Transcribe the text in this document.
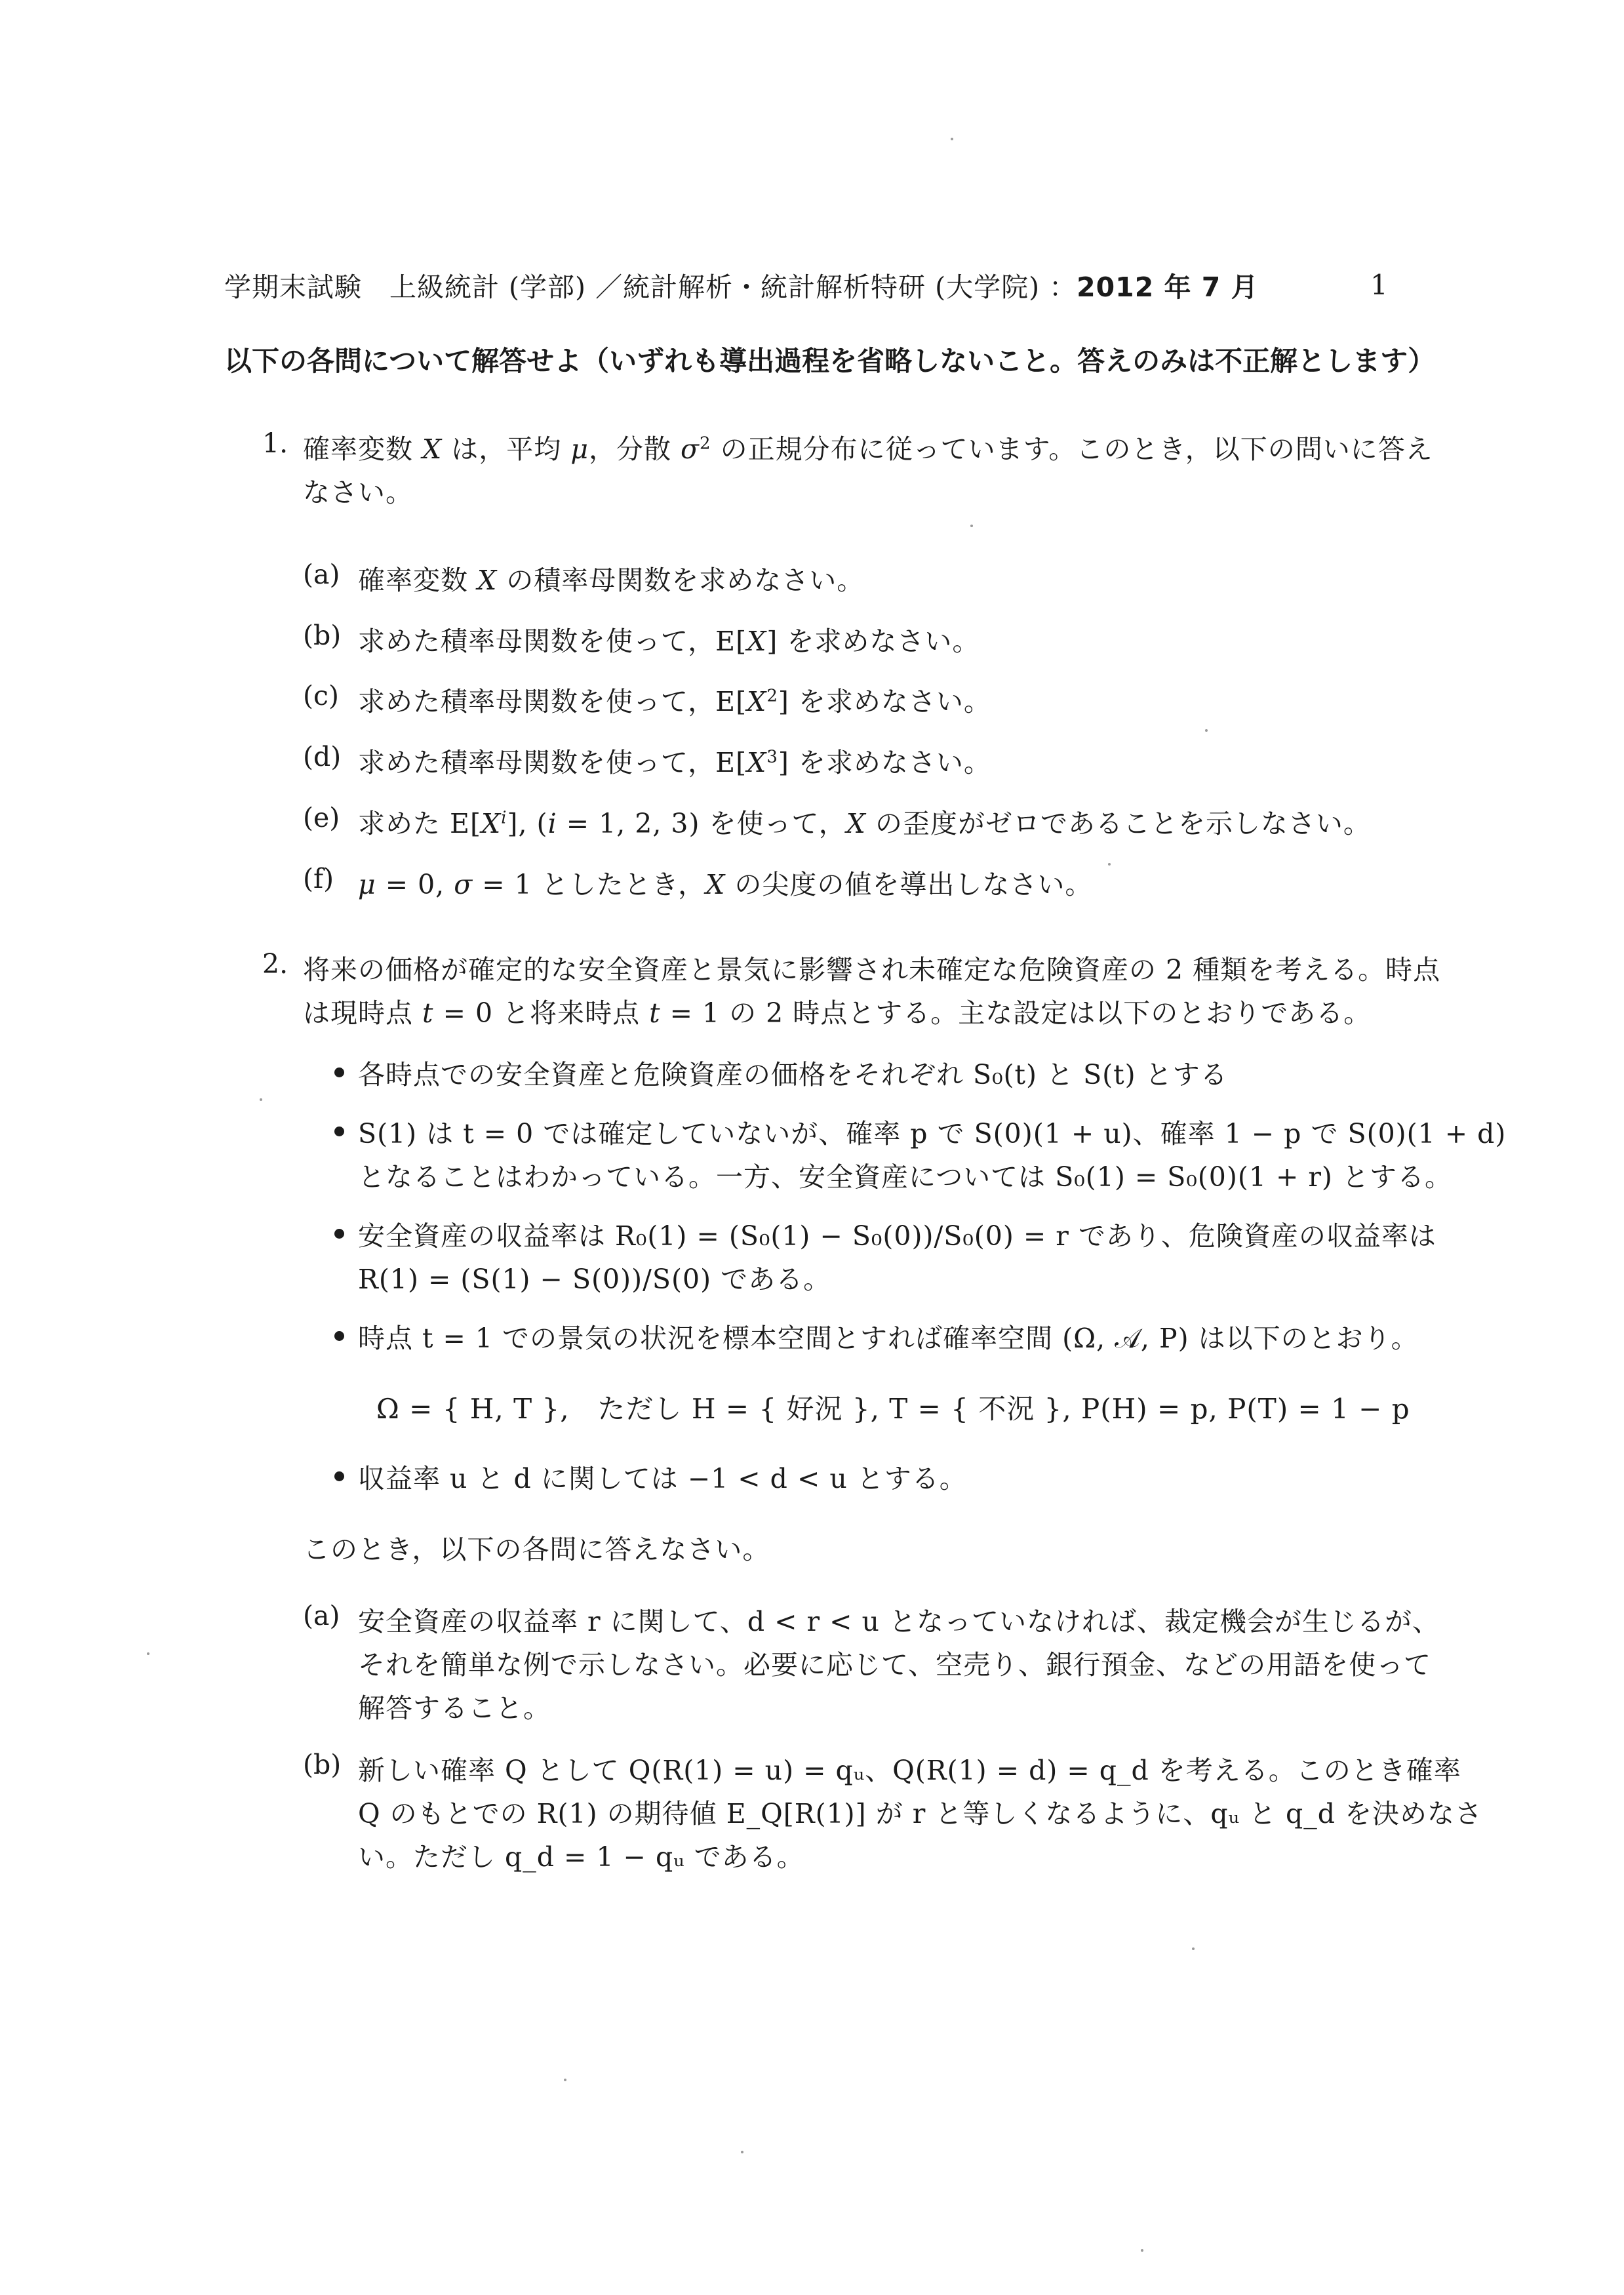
学期末試験　上級統計 (学部) ／統計解析・統計解析特研 (大学院) ：2012 年 7 月	1
以下の各問について解答せよ（いずれも導出過程を省略しないこと。答えのみは不正解とします）
1. 確率変数 X は，平均 μ，分散 $\sigma^2$ の正規分布に従っています。このとき，以下の問いに答え
なさい。
(a) 確率変数 X の積率母関数を求めなさい。
(b) 求めた積率母関数を使って，E[X] を求めなさい。
(c) 求めた積率母関数を使って，$E[X^2]$ を求めなさい。
(d) 求めた積率母関数を使って，$E[X^3]$ を求めなさい。
(e) 求めた $E[X^i]$, (i = 1, 2, 3) を使って，X の歪度がゼロであることを示しなさい。
(f) μ = 0, σ = 1 としたとき，X の尖度の値を導出しなさい。
2. 将来の価格が確定的な安全資産と景気に影響され未確定な危険資産の 2 種類を考える。時点
は現時点 t = 0 と将来時点 t = 1 の 2 時点とする。主な設定は以下のとおりである。
各時点での安全資産と危険資産の価格をそれぞれ S₀(t) と S(t) とする
S(1) は t = 0 では確定していないが、確率 p で S(0)(1 + u)、確率 1 − p で S(0)(1 + d)
となることはわかっている。一方、安全資産については S₀(1) = S₀(0)(1 + r) とする。
安全資産の収益率は R₀(1) = (S₀(1) − S₀(0))/S₀(0) = r であり、危険資産の収益率は
R(1) = (S(1) − S(0))/S(0) である。
時点 t = 1 での景気の状況を標本空間とすれば確率空間 (Ω, 𝒜, P) は以下のとおり。
Ω = { H, T },　ただし H = { 好況 }, T = { 不況 }, P(H) = p, P(T) = 1 − p
収益率 u と d に関しては −1 < d < u とする。
このとき，以下の各問に答えなさい。
(a) 安全資産の収益率 r に関して、d < r < u となっていなければ、裁定機会が生じるが、
それを簡単な例で示しなさい。必要に応じて、空売り、銀行預金、などの用語を使って
解答すること。
(b) 新しい確率 Q として Q(R(1) = u) = qᵤ、Q(R(1) = d) = q_d を考える。このとき確率
Q のもとでの R(1) の期待値 E_Q[R(1)] が r と等しくなるように、qᵤ と q_d を決めなさ
い。ただし q_d = 1 − qᵤ である。
